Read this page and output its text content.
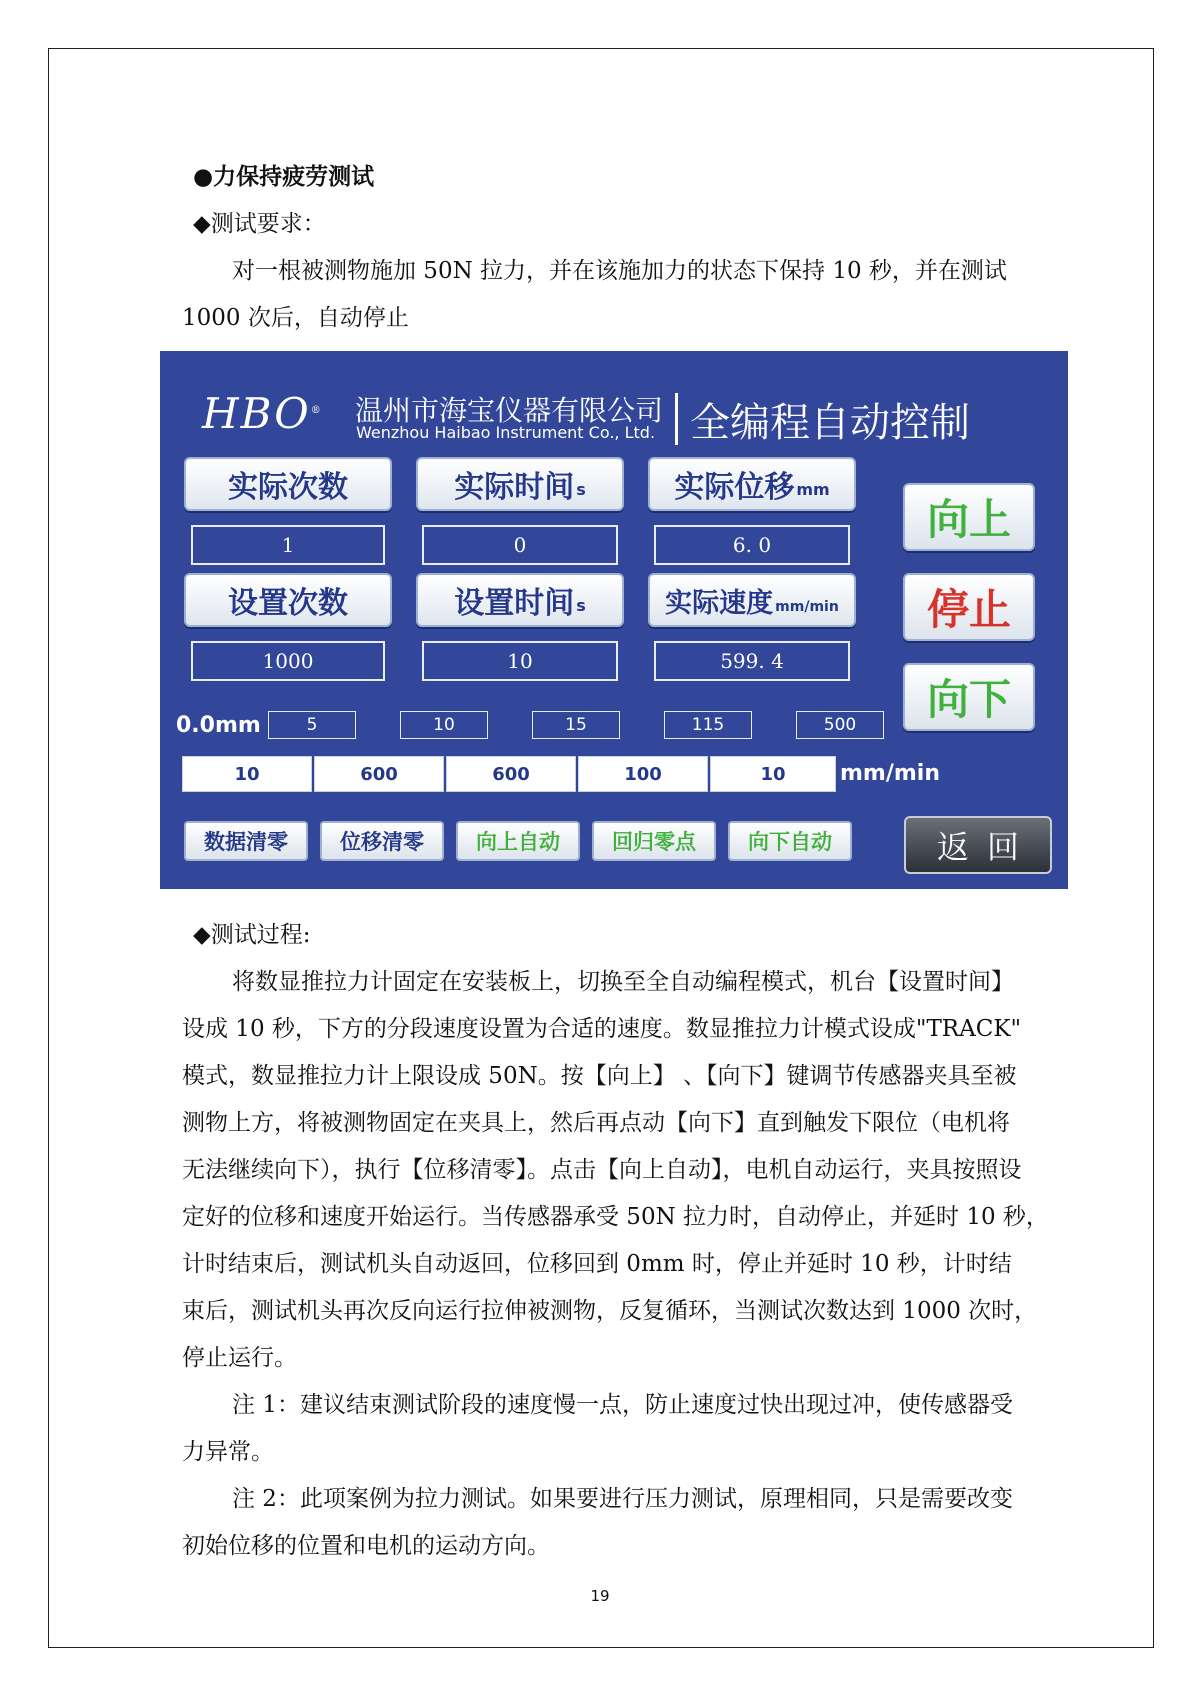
●力保持疲劳测试
◆测试要求：
对一根被测物施加 50N 拉力，并在该施加力的状态下保持 10 秒，并在测试
1000 次后，自动停止
HBO® 温州市海宝仪器有限公司
Wenzhou Haibao Instrument Co., Ltd. 全编程自动控制
实际次数	实际时间 s	实际位移 mm
1	0	6. 0
设置次数	设置时间 s	实际速度 mm/min
1000	10	599. 4
向上
停止
向下
0.0mm	5	10	15	115	500
10	600	600	100	10	mm/min
数据清零	位移清零	向上自动	回归零点	向下自动	返回
◆测试过程:
将数显推拉力计固定在安装板上，切换至全自动编程模式，机台【设置时间】
设成 10 秒，下方的分段速度设置为合适的速度。数显推拉力计模式设成"TRACK"
模式，数显推拉力计上限设成 50N。按【向上】 、【向下】键调节传感器夹具至被
测物上方，将被测物固定在夹具上，然后再点动【向下】直到触发下限位（电机将
无法继续向下），执行【位移清零】。点击【向上自动】，电机自动运行，夹具按照设
定好的位移和速度开始运行。当传感器承受 50N 拉力时，自动停止，并延时 10 秒，
计时结束后，测试机头自动返回，位移回到 0mm 时，停止并延时 10 秒，计时结
束后，测试机头再次反向运行拉伸被测物，反复循环，当测试次数达到 1000 次时，
停止运行。
注 1：建议结束测试阶段的速度慢一点，防止速度过快出现过冲，使传感器受
力异常。
注 2：此项案例为拉力测试。如果要进行压力测试，原理相同，只是需要改变
初始位移的位置和电机的运动方向。
19
